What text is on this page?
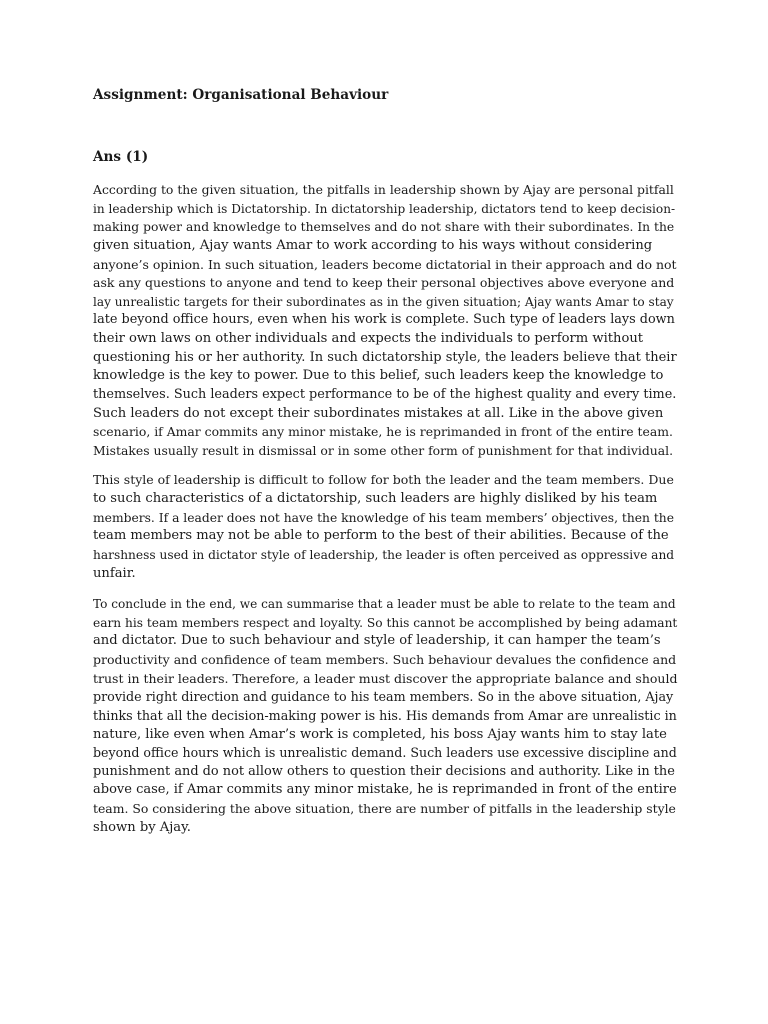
Assignment: Organisational Behaviour
Ans (1)

According to the given situation, the pitfalls in leadership shown by Ajay are personal pitfall
in leadership which is Dictatorship. In dictatorship leadership, dictators tend to keep decision-
making power and knowledge to themselves and do not share with their subordinates. In the
given situation, Ajay wants Amar to work according to his ways without considering
anyone’s opinion. In such situation, leaders become dictatorial in their approach and do not
ask any questions to anyone and tend to keep their personal objectives above everyone and
lay unrealistic targets for their subordinates as in the given situation; Ajay wants Amar to stay
late beyond office hours, even when his work is complete. Such type of leaders lays down
their own laws on other individuals and expects the individuals to perform without
questioning his or her authority. In such dictatorship style, the leaders believe that their
knowledge is the key to power. Due to this belief, such leaders keep the knowledge to
themselves. Such leaders expect performance to be of the highest quality and every time.
Such leaders do not except their subordinates mistakes at all. Like in the above given
scenario, if Amar commits any minor mistake, he is reprimanded in front of the entire team.
Mistakes usually result in dismissal or in some other form of punishment for that individual.

This style of leadership is difficult to follow for both the leader and the team members. Due
to such characteristics of a dictatorship, such leaders are highly disliked by his team
members. If a leader does not have the knowledge of his team members’ objectives, then the
team members may not be able to perform to the best of their abilities. Because of the
harshness used in dictator style of leadership, the leader is often perceived as oppressive and
unfair.

To conclude in the end, we can summarise that a leader must be able to relate to the team and
earn his team members respect and loyalty. So this cannot be accomplished by being adamant
and dictator. Due to such behaviour and style of leadership, it can hamper the team’s
productivity and confidence of team members. Such behaviour devalues the confidence and
trust in their leaders. Therefore, a leader must discover the appropriate balance and should
provide right direction and guidance to his team members. So in the above situation, Ajay
thinks that all the decision-making power is his. His demands from Amar are unrealistic in
nature, like even when Amar’s work is completed, his boss Ajay wants him to stay late
beyond office hours which is unrealistic demand. Such leaders use excessive discipline and
punishment and do not allow others to question their decisions and authority. Like in the
above case, if Amar commits any minor mistake, he is reprimanded in front of the entire
team. So considering the above situation, there are number of pitfalls in the leadership style
shown by Ajay.
